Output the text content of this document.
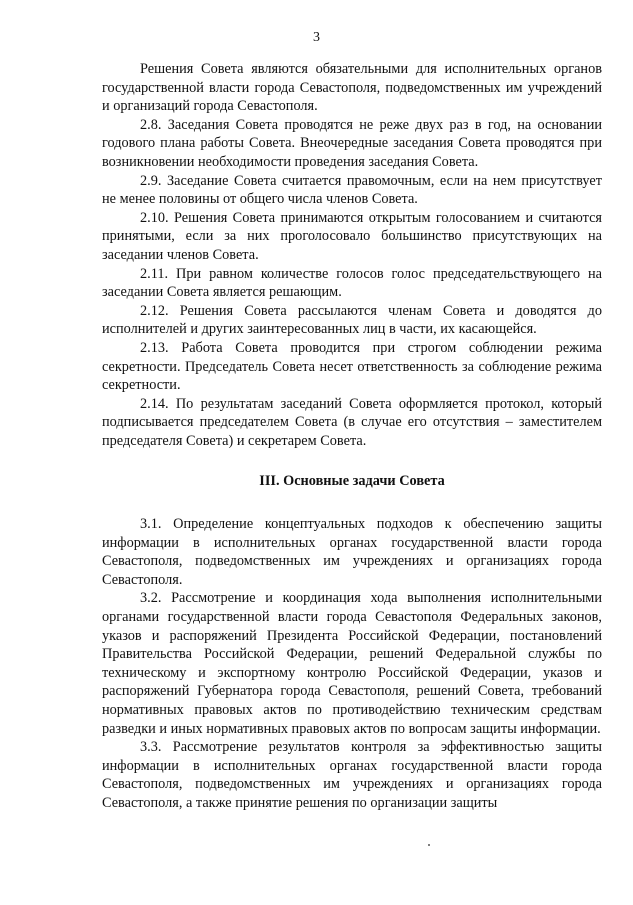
3

Решения Совета являются обязательными для исполнительных органов государственной власти города Севастополя, подведомственных им учреждений и организаций города Севастополя.

2.8. Заседания Совета проводятся не реже двух раз в год, на основании годового плана работы Совета. Внеочередные заседания Совета проводятся при возникновении необходимости проведения заседания Совета.

2.9. Заседание Совета считается правомочным, если на нем присутствует не менее половины от общего числа членов Совета.

2.10. Решения Совета принимаются открытым голосованием и считаются принятыми, если за них проголосовало большинство присутствующих на заседании членов Совета.

2.11. При равном количестве голосов голос председательствующего на заседании Совета является решающим.

2.12. Решения Совета рассылаются членам Совета и доводятся до исполнителей и других заинтересованных лиц в части, их касающейся.

2.13. Работа Совета проводится при строгом соблюдении режима секретности. Председатель Совета несет ответственность за соблюдение режима секретности.

2.14. По результатам заседаний Совета оформляется протокол, который подписывается председателем Совета (в случае его отсутствия – заместителем председателя Совета) и секретарем Совета.

III. Основные задачи Совета

3.1. Определение концептуальных подходов к обеспечению защиты информации в исполнительных органах государственной власти города Севастополя, подведомственных им учреждениях и организациях города Севастополя.

3.2. Рассмотрение и координация хода выполнения исполнительными органами государственной власти города Севастополя Федеральных законов, указов и распоряжений Президента Российской Федерации, постановлений Правительства Российской Федерации, решений Федеральной службы по техническому и экспортному контролю Российской Федерации, указов и распоряжений Губернатора города Севастополя, решений Совета, требований нормативных правовых актов по противодействию техническим средствам разведки и иных нормативных правовых актов по вопросам защиты информации.

3.3. Рассмотрение результатов контроля за эффективностью защиты информации в исполнительных органах государственной власти города Севастополя, подведомственных им учреждениях и организациях города Севастополя, а также принятие решения по организации защиты
